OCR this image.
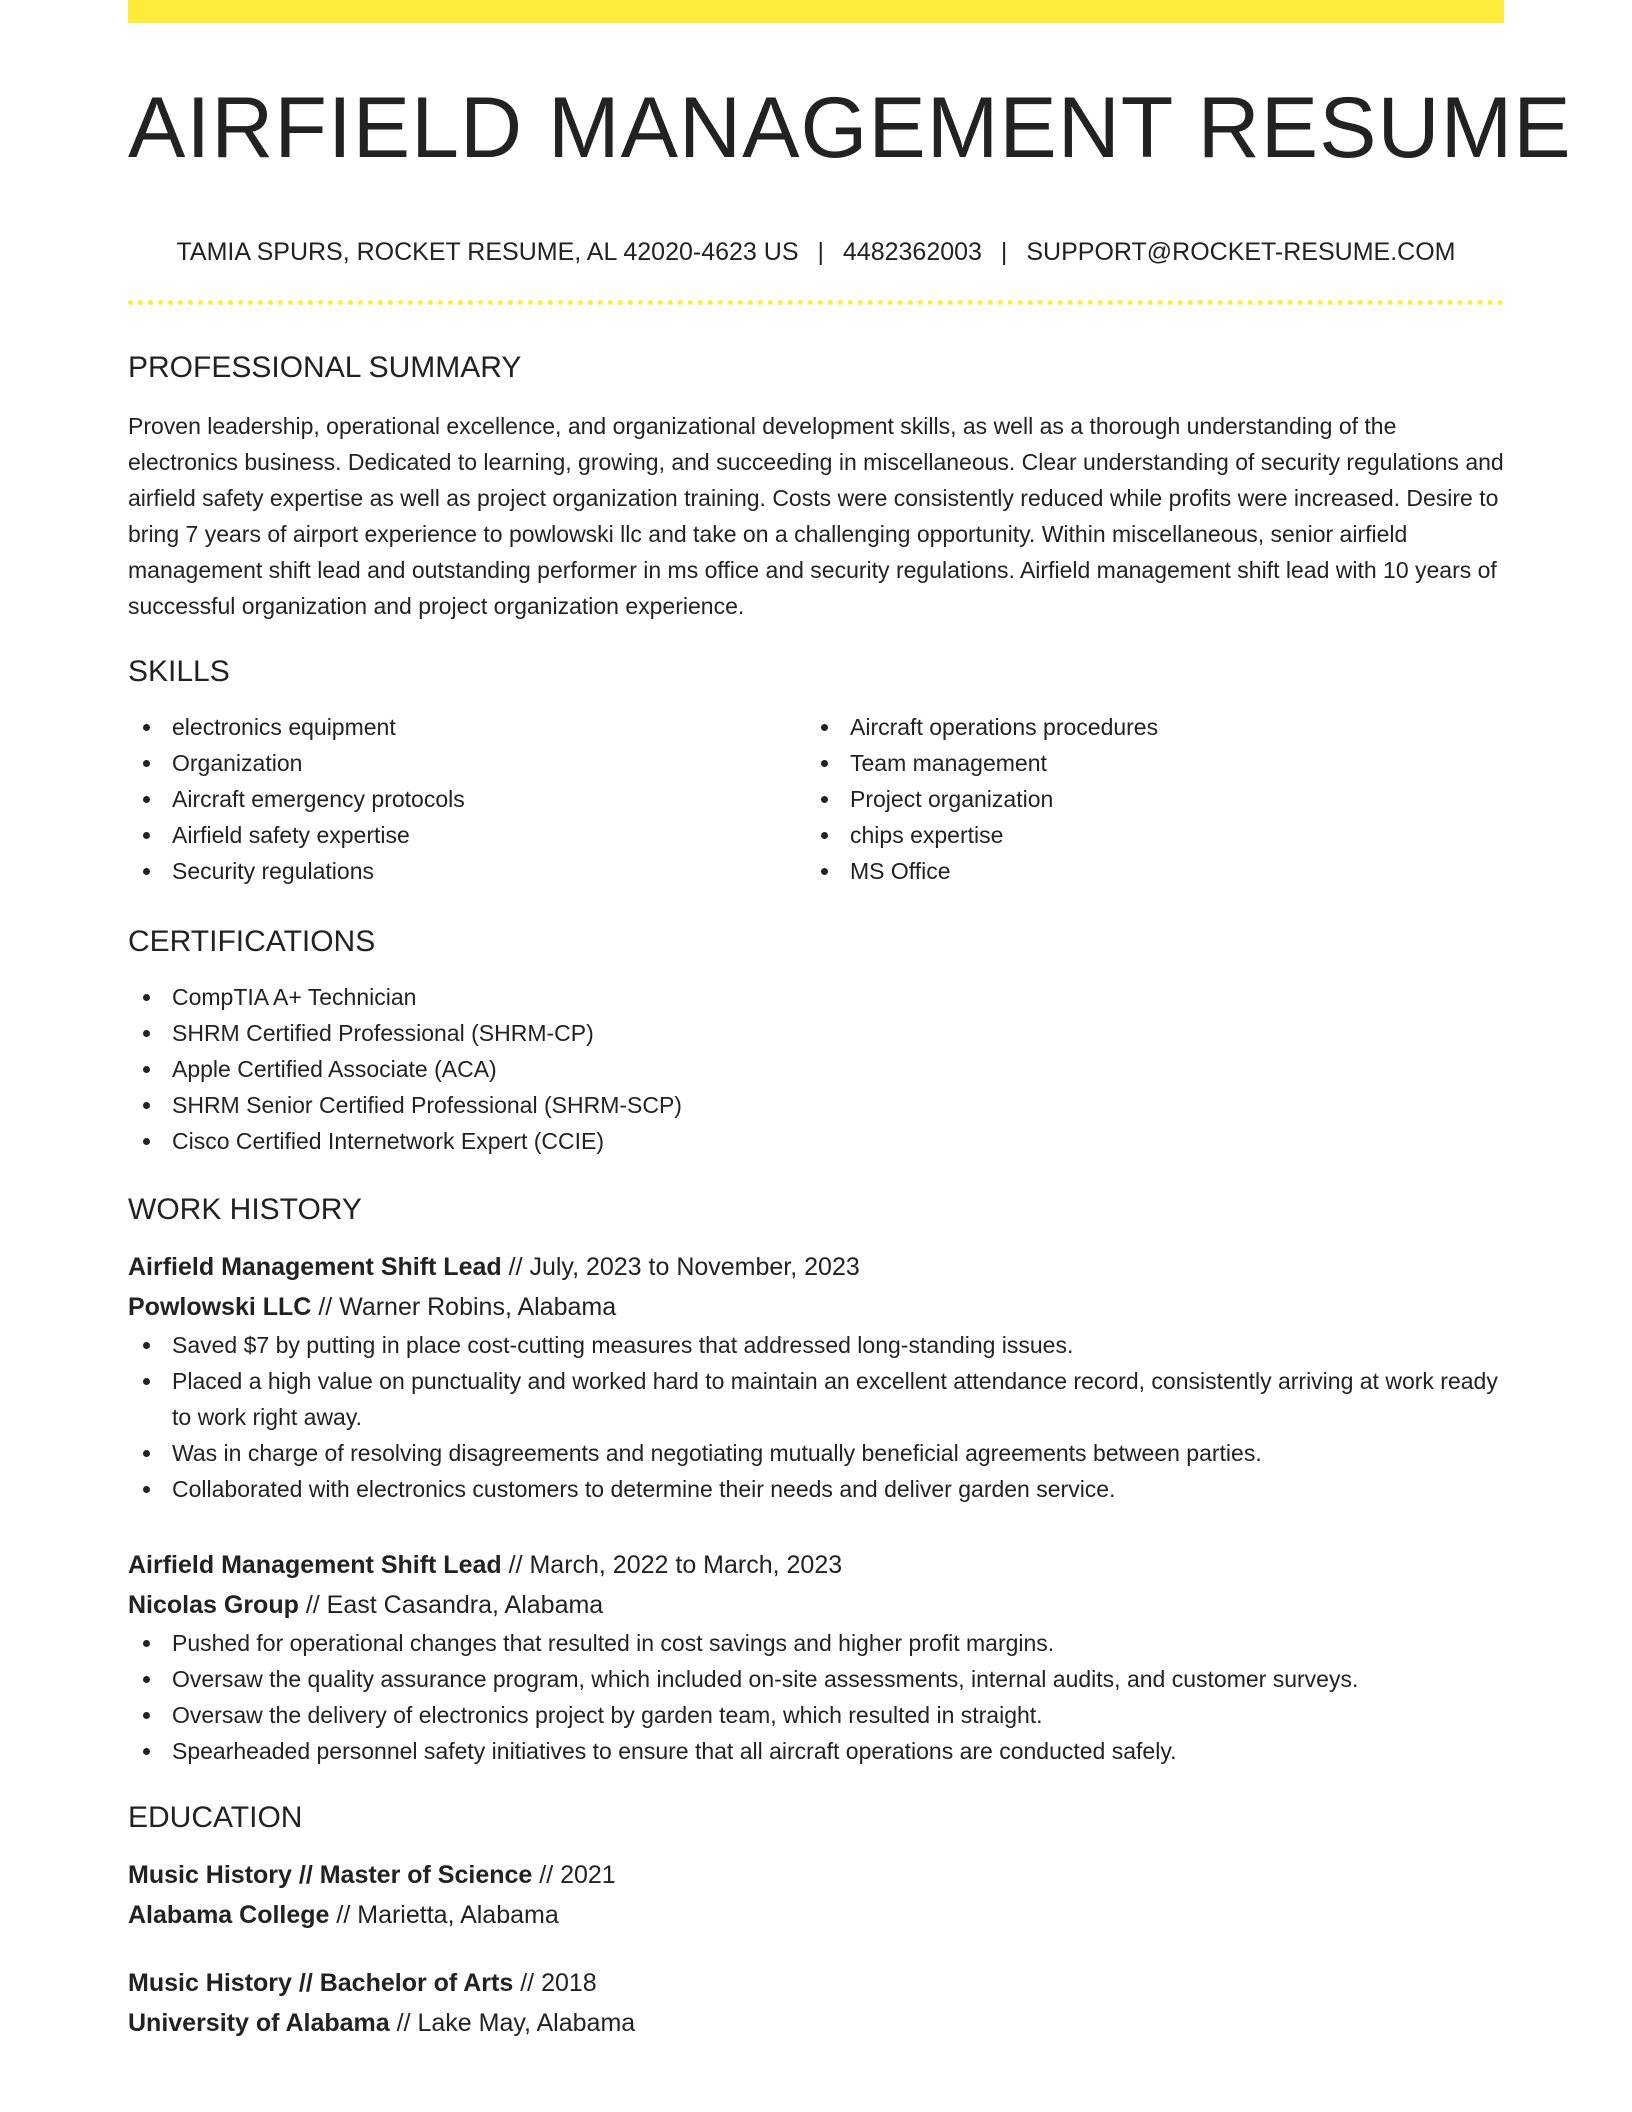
AIRFIELD MANAGEMENT RESUME
TAMIA SPURS, ROCKET RESUME, AL 42020-4623 US | 4482362003 | SUPPORT@ROCKET-RESUME.COM
PROFESSIONAL SUMMARY
Proven leadership, operational excellence, and organizational development skills, as well as a thorough understanding of the electronics business. Dedicated to learning, growing, and succeeding in miscellaneous. Clear understanding of security regulations and airfield safety expertise as well as project organization training. Costs were consistently reduced while profits were increased. Desire to bring 7 years of airport experience to powlowski llc and take on a challenging opportunity. Within miscellaneous, senior airfield management shift lead and outstanding performer in ms office and security regulations. Airfield management shift lead with 10 years of successful organization and project organization experience.
SKILLS
electronics equipment
Organization
Aircraft emergency protocols
Airfield safety expertise
Security regulations
Aircraft operations procedures
Team management
Project organization
chips expertise
MS Office
CERTIFICATIONS
CompTIA A+ Technician
SHRM Certified Professional (SHRM-CP)
Apple Certified Associate (ACA)
SHRM Senior Certified Professional (SHRM-SCP)
Cisco Certified Internetwork Expert (CCIE)
WORK HISTORY
Airfield Management Shift Lead // July, 2023 to November, 2023
Powlowski LLC // Warner Robins, Alabama
Saved $7 by putting in place cost-cutting measures that addressed long-standing issues.
Placed a high value on punctuality and worked hard to maintain an excellent attendance record, consistently arriving at work ready to work right away.
Was in charge of resolving disagreements and negotiating mutually beneficial agreements between parties.
Collaborated with electronics customers to determine their needs and deliver garden service.
Airfield Management Shift Lead // March, 2022 to March, 2023
Nicolas Group // East Casandra, Alabama
Pushed for operational changes that resulted in cost savings and higher profit margins.
Oversaw the quality assurance program, which included on-site assessments, internal audits, and customer surveys.
Oversaw the delivery of electronics project by garden team, which resulted in straight.
Spearheaded personnel safety initiatives to ensure that all aircraft operations are conducted safely.
EDUCATION
Music History // Master of Science // 2021
Alabama College // Marietta, Alabama
Music History // Bachelor of Arts // 2018
University of Alabama // Lake May, Alabama
